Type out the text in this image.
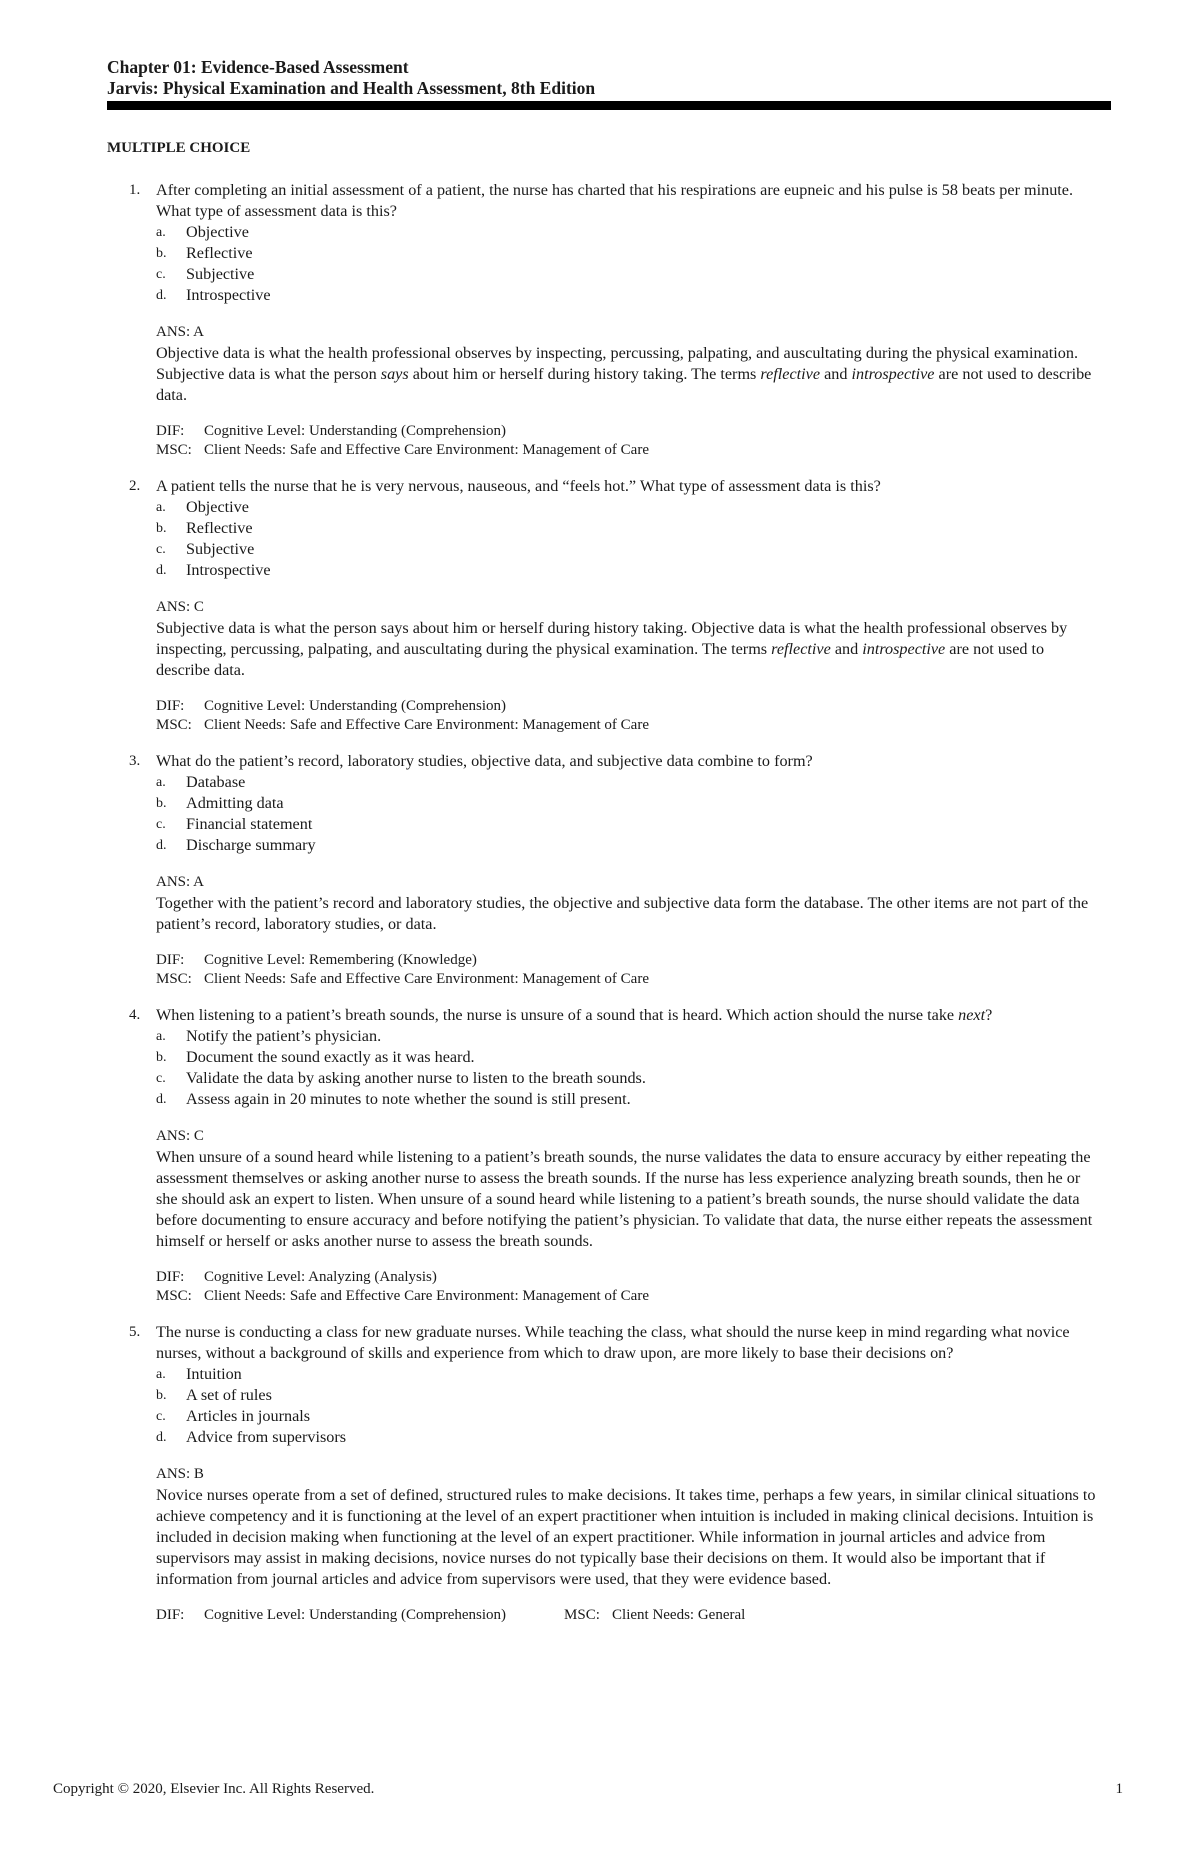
Chapter 01: Evidence-Based Assessment
Jarvis: Physical Examination and Health Assessment, 8th Edition
MULTIPLE CHOICE
1. After completing an initial assessment of a patient, the nurse has charted that his respirations are eupneic and his pulse is 58 beats per minute. What type of assessment data is this?

a. Objective
b. Reflective
c. Subjective
d. Introspective
ANS: A

Objective data is what the health professional observes by inspecting, percussing, palpating, and auscultating during the physical examination. Subjective data is what the person says about him or herself during history taking. The terms reflective and introspective are not used to describe data.

DIF: Cognitive Level: Understanding (Comprehension)
MSC: Client Needs: Safe and Effective Care Environment: Management of Care
2. A patient tells the nurse that he is very nervous, nauseous, and “feels hot.” What type of assessment data is this?

a. Objective
b. Reflective
c. Subjective
d. Introspective
ANS: C

Subjective data is what the person says about him or herself during history taking. Objective data is what the health professional observes by inspecting, percussing, palpating, and auscultating during the physical examination. The terms reflective and introspective are not used to describe data.

DIF: Cognitive Level: Understanding (Comprehension)
MSC: Client Needs: Safe and Effective Care Environment: Management of Care
3. What do the patient’s record, laboratory studies, objective data, and subjective data combine to form?

a. Database
b. Admitting data
c. Financial statement
d. Discharge summary
ANS: A

Together with the patient’s record and laboratory studies, the objective and subjective data form the database. The other items are not part of the patient’s record, laboratory studies, or data.

DIF: Cognitive Level: Remembering (Knowledge)
MSC: Client Needs: Safe and Effective Care Environment: Management of Care
4. When listening to a patient’s breath sounds, the nurse is unsure of a sound that is heard. Which action should the nurse take next?

a. Notify the patient’s physician.
b. Document the sound exactly as it was heard.
c. Validate the data by asking another nurse to listen to the breath sounds.
d. Assess again in 20 minutes to note whether the sound is still present.
ANS: C

When unsure of a sound heard while listening to a patient’s breath sounds, the nurse validates the data to ensure accuracy by either repeating the assessment themselves or asking another nurse to assess the breath sounds. If the nurse has less experience analyzing breath sounds, then he or she should ask an expert to listen. When unsure of a sound heard while listening to a patient’s breath sounds, the nurse should validate the data before documenting to ensure accuracy and before notifying the patient’s physician. To validate that data, the nurse either repeats the assessment himself or herself or asks another nurse to assess the breath sounds.

DIF: Cognitive Level: Analyzing (Analysis)
MSC: Client Needs: Safe and Effective Care Environment: Management of Care
5. The nurse is conducting a class for new graduate nurses. While teaching the class, what should the nurse keep in mind regarding what novice nurses, without a background of skills and experience from which to draw upon, are more likely to base their decisions on?

a. Intuition
b. A set of rules
c. Articles in journals
d. Advice from supervisors
ANS: B

Novice nurses operate from a set of defined, structured rules to make decisions. It takes time, perhaps a few years, in similar clinical situations to achieve competency and it is functioning at the level of an expert practitioner when intuition is included in making clinical decisions. Intuition is included in decision making when functioning at the level of an expert practitioner. While information in journal articles and advice from supervisors may assist in making decisions, novice nurses do not typically base their decisions on them. It would also be important that if information from journal articles and advice from supervisors were used, that they were evidence based.

DIF: Cognitive Level: Understanding (Comprehension)	MSC: Client Needs: General
Copyright © 2020, Elsevier Inc. All Rights Reserved.	1
